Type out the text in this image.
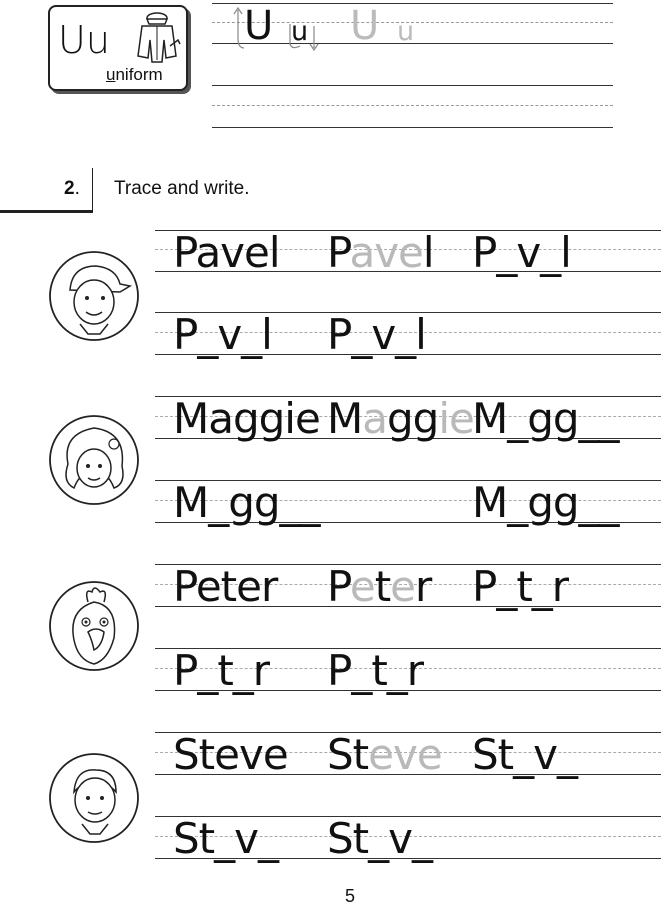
Uu
uniform
U u U u
2. Trace and write.
Pavel Pavel P_v_l
P_v_l P_v_l
Maggie Maggie
M_gg__
M_gg__	M_gg__
Peter Peter P_t_r
P_t_r P_t_r
Steve Steve St_v_
St_v_ St_v_
5
